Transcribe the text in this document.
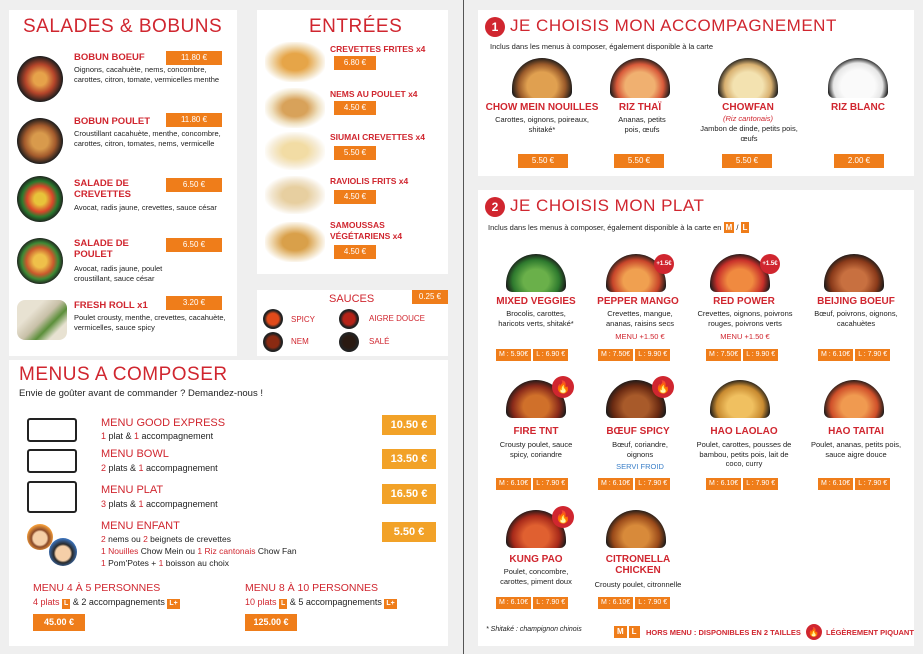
SALADES & BOBUNS
BOBUN BOEUF	11.80 €
Oignons, cacahuète, nems, concombre, carottes, citron, tomate, vermicelles menthe
BOBUN POULET	11.80 €
Croustillant cacahuète, menthe, concombre, carottes, citron, tomates, nems, vermicelle
SALADE DE CREVETTES
6.50 €
Avocat, radis jaune, crevettes, sauce césar
SALADE DE POULET
6.50 €
Avocat, radis jaune, poulet croustillant, sauce césar
FRESH ROLL x1	3.20 €
Poulet crousty, menthe, crevettes, cacahuète, vermicelles, sauce spicy
ENTRÉES
CREVETTES FRITES x4
6.80 €
NEMS AU POULET x4
4.50 €
SIUMAI CREVETTES x4
5.50 €
RAVIOLIS FRITS x4
4.50 €
SAMOUSSAS VÉGÉTARIENS x4
4.50 €
SAUCES	0.25 €
SPICY	AIGRE DOUCE
NEM	SALÉ
MENUS A COMPOSER
Envie de goûter avant de commander ? Demandez-nous !
MENU GOOD EXPRESS
1 plat & 1 accompagnement
10.50 €
MENU BOWL
2 plats & 1 accompagnement
13.50 €
MENU PLAT
3 plats & 1 accompagnement
16.50 €
MENU ENFANT
2 nems ou 2 beignets de crevettes
1 Nouilles Chow Mein ou 1 Riz cantonais Chow Fan
1 Pom'Potes + 1 boisson au choix
5.50 €
MENU 4 À 5 PERSONNES
4 plats L & 2 accompagnements L+
45.00 €
MENU 8 À 10 PERSONNES
10 plats L & 5 accompagnements L+
125.00 €
1 JE CHOISIS MON ACCOMPAGNEMENT
Inclus dans les menus à composer, également disponible à la carte
CHOW MEIN NOUILLES
Carottes, oignons, poireaux, shitaké*
5.50 €
RIZ THAÏ
Ananas, petits pois, œufs
5.50 €
CHOWFAN
(Riz cantonais)
Jambon de dinde, petits pois, œufs
5.50 €
RIZ BLANC
2.00 €
2 JE CHOISIS MON PLAT
Inclus dans les menus à composer, également disponible à la carte en M / L
MIXED VEGGIES
Brocolis, carottes, haricots verts, shitaké*
M : 5.90€	L : 6.90 €
+1.5€
PEPPER MANGO
Crevettes, mangue, ananas, raisins secs
MENU +1.50 €
M : 7.50€	L : 9.90 €
+1.5€
RED POWER
Crevettes, oignons, poivrons rouges, poivrons verts
MENU +1.50 €
M : 7.50€	L : 9.90 €
BEIJING BOEUF
Bœuf, poivrons, oignons, cacahuètes
M : 6.10€	L : 7.90 €
🔥
FIRE TNT
Crousty poulet, sauce spicy, coriandre
M : 6.10€	L : 7.90 €
🔥
BŒUF SPICY
Bœuf, coriandre, oignons
SERVI FROID
M : 6.10€	L : 7.90 €
HAO LAOLAO
Poulet, carottes, pousses de bambou, petits pois, lait de coco, curry
M : 6.10€	L : 7.90 €
HAO TAITAI
Poulet, ananas, petits pois, sauce aigre douce
M : 6.10€	L : 7.90 €
🔥
KUNG PAO
Poulet, concombre, carottes, piment doux
M : 6.10€	L : 7.90 €
CITRONELLA CHICKEN
Crousty poulet, citronnelle
M : 6.10€	L : 7.90 €
* Shitaké : champignon chinois	M	L	HORS MENU : DISPONIBLES EN 2 TAILLES 🔥 LÉGÈREMENT PIQUANT
